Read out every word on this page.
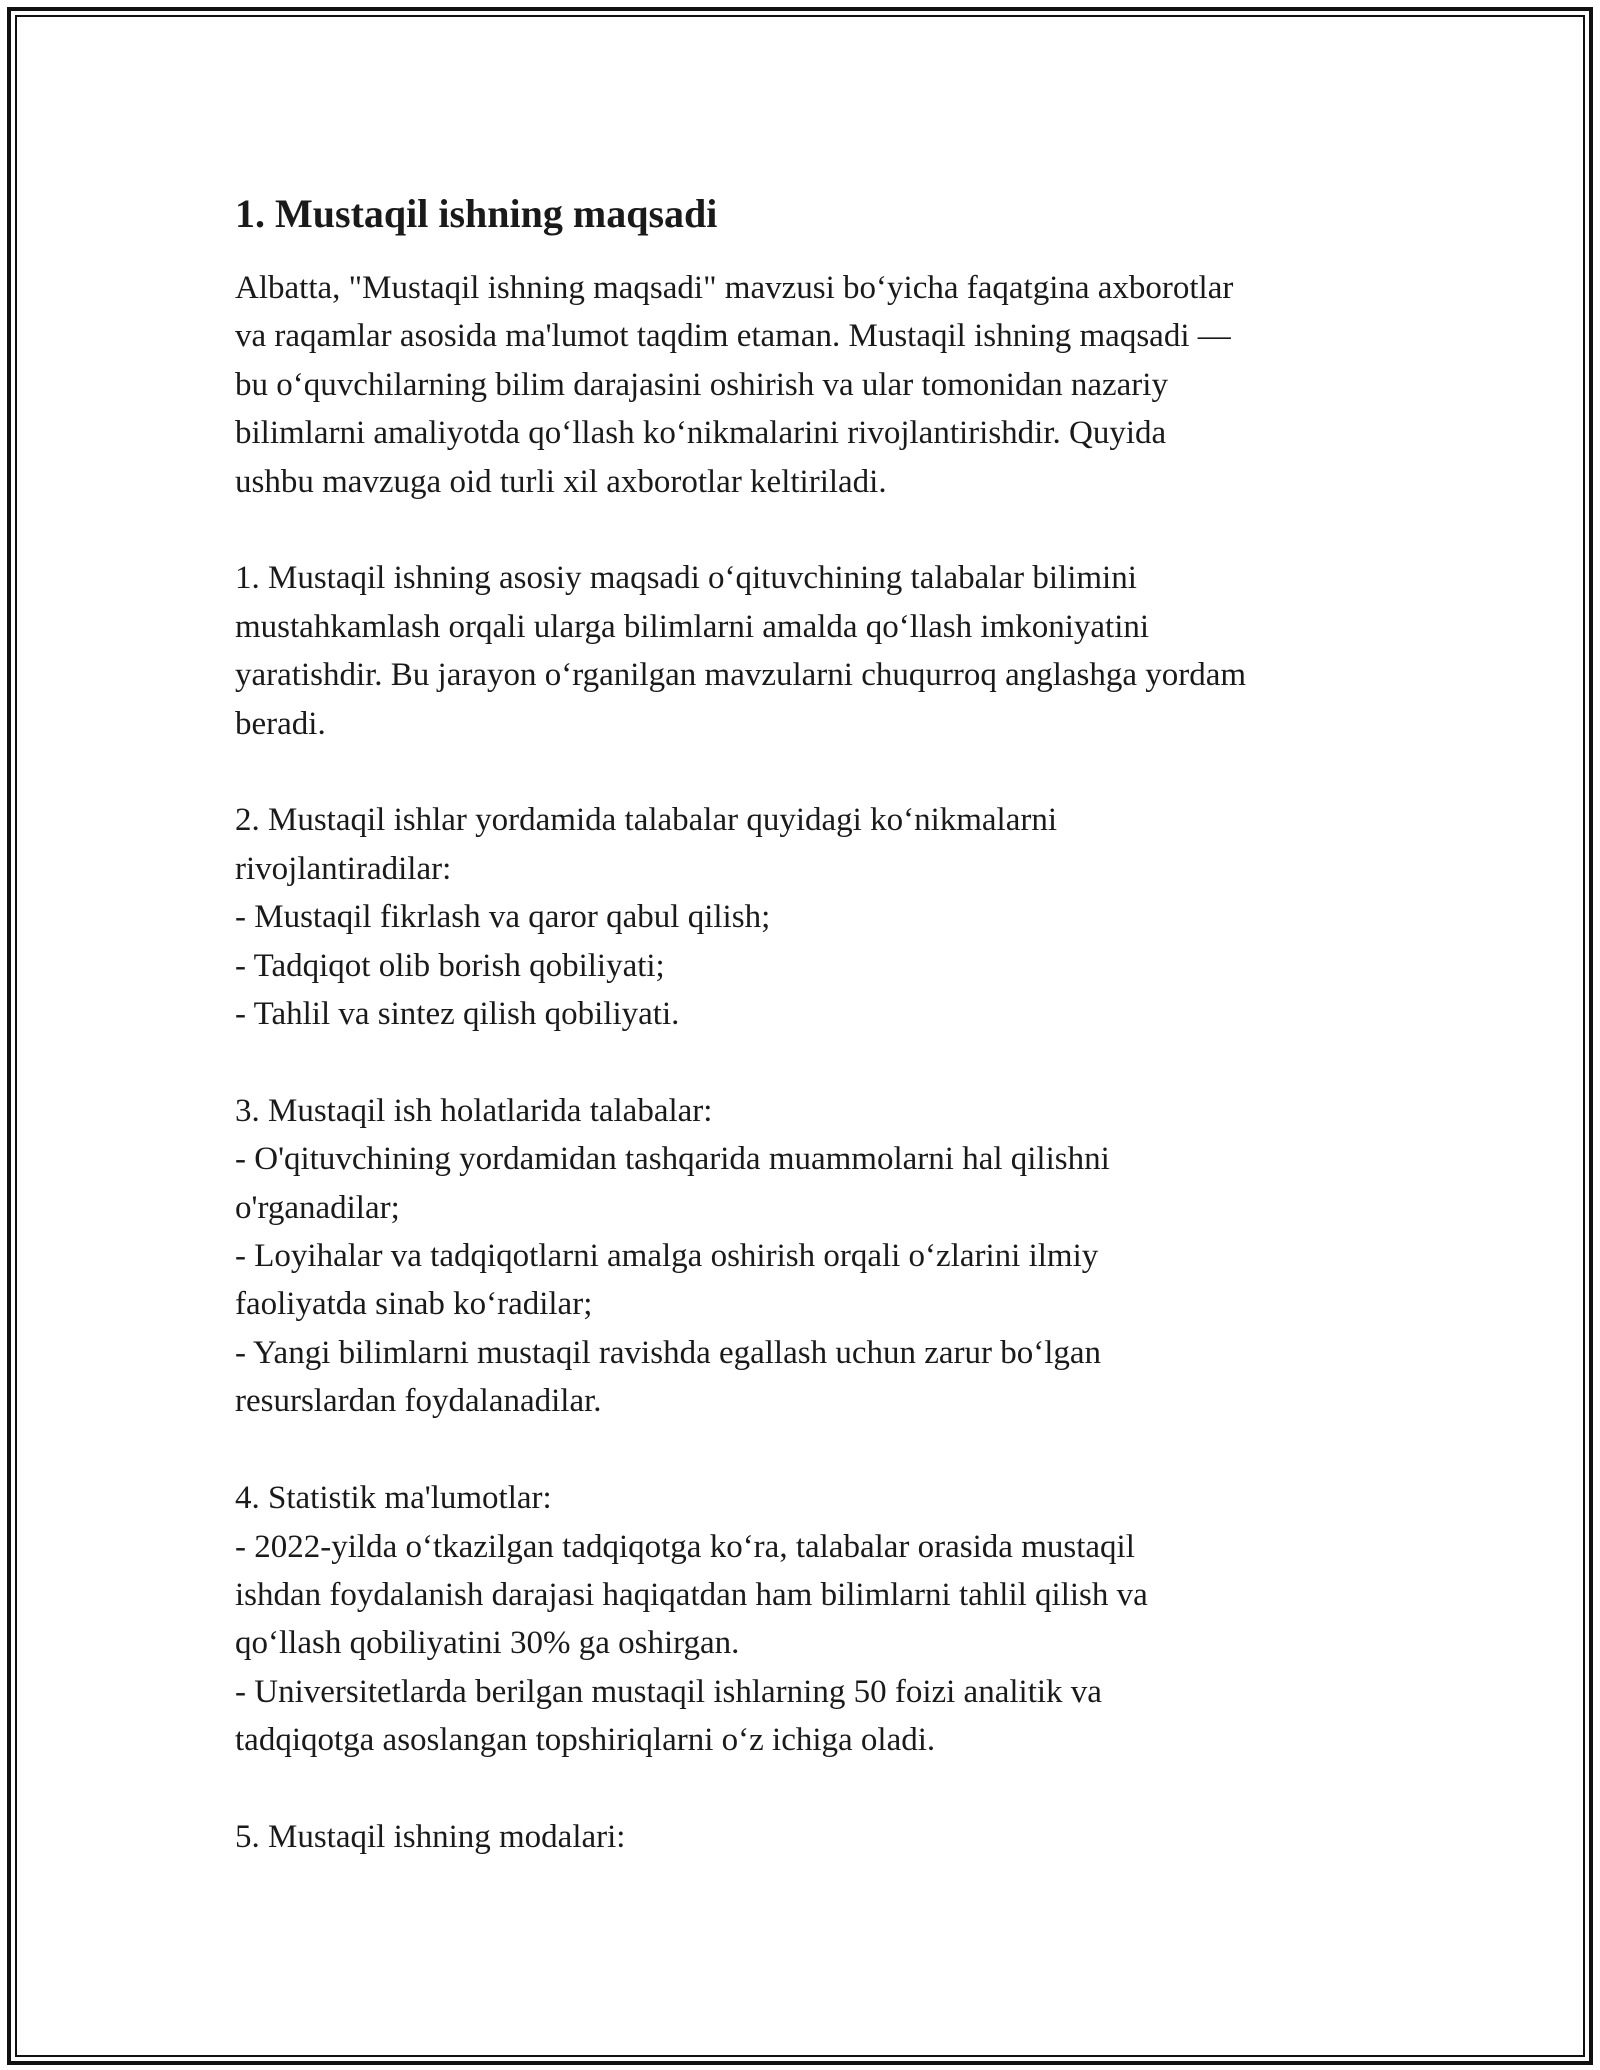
1. Mustaqil ishning maqsadi

Albatta, "Mustaqil ishning maqsadi" mavzusi bo‘yicha faqatgina axborotlar
va raqamlar asosida ma'lumot taqdim etaman. Mustaqil ishning maqsadi —
bu o‘quvchilarning bilim darajasini oshirish va ular tomonidan nazariy
bilimlarni amaliyotda qo‘llash ko‘nikmalarini rivojlantirishdir. Quyida
ushbu mavzuga oid turli xil axborotlar keltiriladi.

1. Mustaqil ishning asosiy maqsadi o‘qituvchining talabalar bilimini
mustahkamlash orqali ularga bilimlarni amalda qo‘llash imkoniyatini
yaratishdir. Bu jarayon o‘rganilgan mavzularni chuqurroq anglashga yordam
beradi.

2. Mustaqil ishlar yordamida talabalar quyidagi ko‘nikmalarni
rivojlantiradilar:
- Mustaqil fikrlash va qaror qabul qilish;
- Tadqiqot olib borish qobiliyati;
- Tahlil va sintez qilish qobiliyati.

3. Mustaqil ish holatlarida talabalar:
- O'qituvchining yordamidan tashqarida muammolarni hal qilishni
o'rganadilar;
- Loyihalar va tadqiqotlarni amalga oshirish orqali o‘zlarini ilmiy
faoliyatda sinab ko‘radilar;
- Yangi bilimlarni mustaqil ravishda egallash uchun zarur bo‘lgan
resurslardan foydalanadilar.

4. Statistik ma'lumotlar:
- 2022-yilda o‘tkazilgan tadqiqotga ko‘ra, talabalar orasida mustaqil
ishdan foydalanish darajasi haqiqatdan ham bilimlarni tahlil qilish va
qo‘llash qobiliyatini 30% ga oshirgan.
- Universitetlarda berilgan mustaqil ishlarning 50 foizi analitik va
tadqiqotga asoslangan topshiriqlarni o‘z ichiga oladi.

5. Mustaqil ishning modalari:
